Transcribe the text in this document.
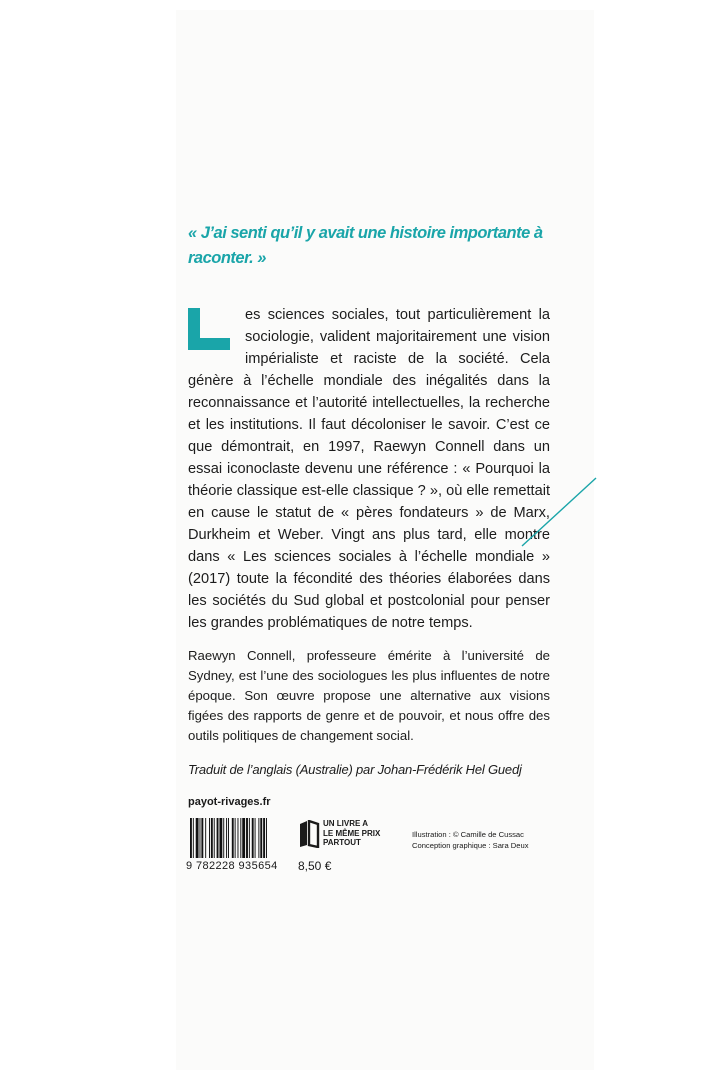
« J’ai senti qu’il y avait une histoire importante à raconter. »

es sciences sociales, tout particulièrement la sociologie, valident majoritairement une vision impérialiste et raciste de la société. Cela génère à l’échelle mondiale des inégalités dans la reconnaissance et l’autorité intellectuelles, la recherche et les institutions. Il faut décoloniser le savoir. C’est ce que démontrait, en 1997, Raewyn Connell dans un essai iconoclaste devenu une référence : « Pourquoi la théorie classique est-elle classique ? », où elle remettait en cause le statut de « pères fondateurs » de Marx, Durkheim et Weber. Vingt ans plus tard, elle montre dans « Les sciences sociales à l’échelle mondiale » (2017) toute la fécondité des théories élaborées dans les sociétés du Sud global et postcolonial pour penser les grandes problématiques de notre temps.

Raewyn Connell, professeure émérite à l’université de Sydney, est l’une des sociologues les plus influentes de notre époque. Son œuvre propose une alternative aux visions figées des rapports de genre et de pouvoir, et nous offre des outils politiques de changement social.

Traduit de l’anglais (Australie) par Johan-Frédérik Hel Guedj

payot-rivages.fr
9 782228 935654
UN LIVRE A
LE MÊME PRIX
PARTOUT
8,50 €
Illustration : © Camille de Cussac
Conception graphique : Sara Deux
